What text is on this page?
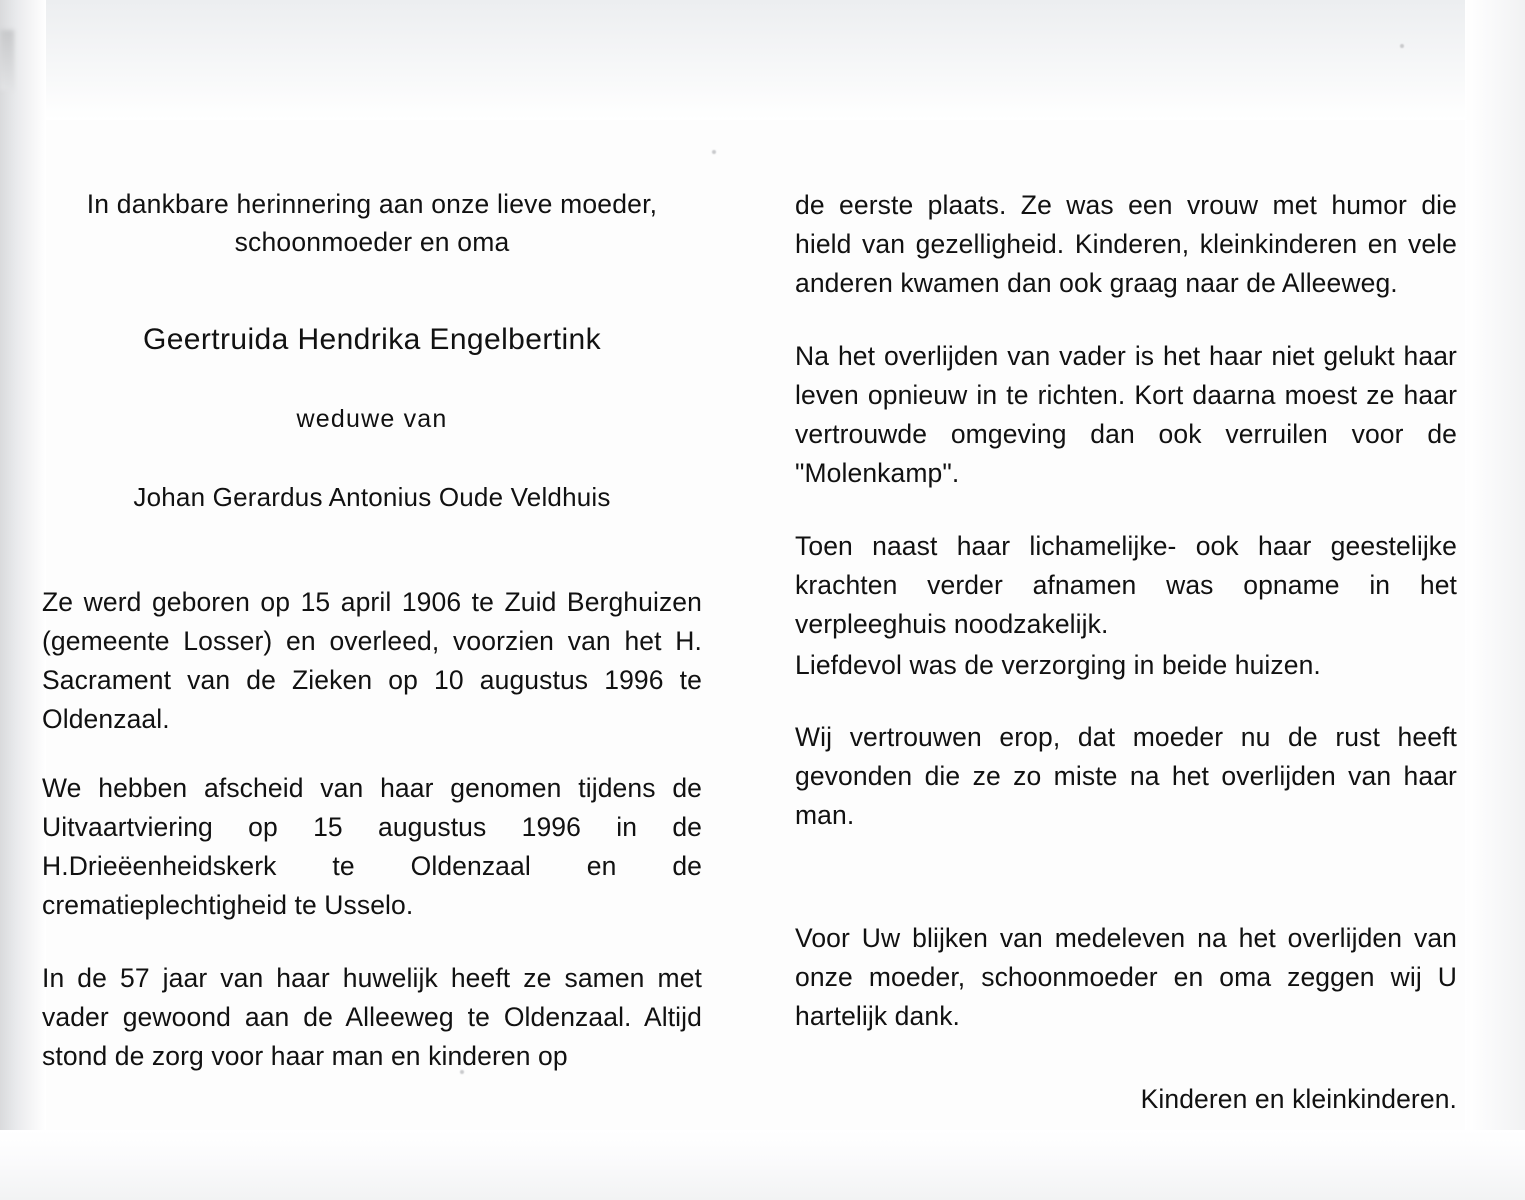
In dankbare herinnering aan onze lieve moeder, schoonmoeder en oma

Geertruida Hendrika Engelbertink

weduwe van

Johan Gerardus Antonius Oude Veldhuis

Ze werd geboren op 15 april 1906 te Zuid Berghuizen (gemeente Losser) en overleed, voorzien van het H. Sacrament van de Zieken op 10 augustus 1996 te Oldenzaal.

We hebben afscheid van haar genomen tijdens de Uitvaartviering op 15 augustus 1996 in de H.Drieëenheidskerk te Oldenzaal en de crematieplechtigheid te Usselo.

In de 57 jaar van haar huwelijk heeft ze samen met vader gewoond aan de Alleeweg te Oldenzaal. Altijd stond de zorg voor haar man en kinderen op

de eerste plaats. Ze was een vrouw met humor die hield van gezelligheid. Kinderen, kleinkinderen en vele anderen kwamen dan ook graag naar de Alleeweg.

Na het overlijden van vader is het haar niet gelukt haar leven opnieuw in te richten. Kort daarna moest ze haar vertrouwde omgeving dan ook verruilen voor de "Molenkamp".

Toen naast haar lichamelijke- ook haar geestelijke krachten verder afnamen was opname in het verpleeghuis noodzakelijk.

Liefdevol was de verzorging in beide huizen.

Wij vertrouwen erop, dat moeder nu de rust heeft gevonden die ze zo miste na het overlijden van haar man.

Voor Uw blijken van medeleven na het overlijden van onze moeder, schoonmoeder en oma zeggen wij U hartelijk dank.

Kinderen en kleinkinderen.
